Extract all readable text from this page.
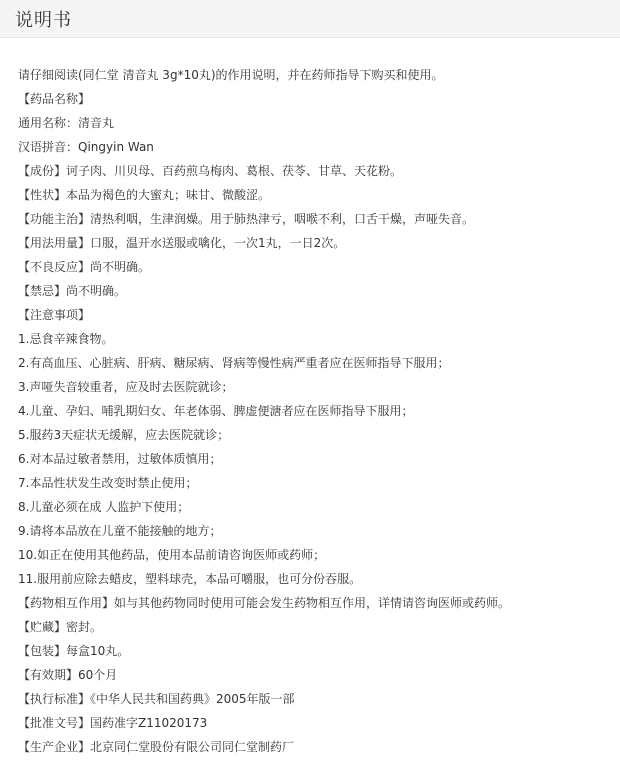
说明书
请仔细阅读(同仁堂 清音丸 3g*10丸)的作用说明，并在药师指导下购买和使用。
【药品名称】
通用名称：清音丸
汉语拼音：Qingyin Wan
【成份】诃子肉、川贝母、百药煎乌梅肉、葛根、茯苓、甘草、天花粉。
【性状】本品为褐色的大蜜丸；味甘、微酸涩。
【功能主治】清热利咽，生津润燥。用于肺热津亏，咽喉不利，口舌干燥，声哑失音。
【用法用量】口服，温开水送服或噙化，一次1丸，一日2次。
【不良反应】尚不明确。
【禁忌】尚不明确。
【注意事项】
1.忌食辛辣食物。
2.有高血压、心脏病、肝病、糖尿病、肾病等慢性病严重者应在医师指导下服用；
3.声哑失音较重者，应及时去医院就诊；
4.儿童、孕妇、哺乳期妇女、年老体弱、脾虚便溏者应在医师指导下服用；
5.服药3天症状无缓解，应去医院就诊；
6.对本品过敏者禁用，过敏体质慎用；
7.本品性状发生改变时禁止使用；
8.儿童必须在成 人监护下使用；
9.请将本品放在儿童不能接触的地方；
10.如正在使用其他药品，使用本品前请咨询医师或药师；
11.服用前应除去蜡皮，塑料球壳，本品可嚼服，也可分份吞服。
【药物相互作用】如与其他药物同时使用可能会发生药物相互作用，详情请咨询医师或药师。
【贮藏】密封。
【包装】每盒10丸。
【有效期】60个月
【执行标准】《中华人民共和国药典》2005年版一部
【批准文号】国药准字Z11020173
【生产企业】北京同仁堂股份有限公司同仁堂制药厂
